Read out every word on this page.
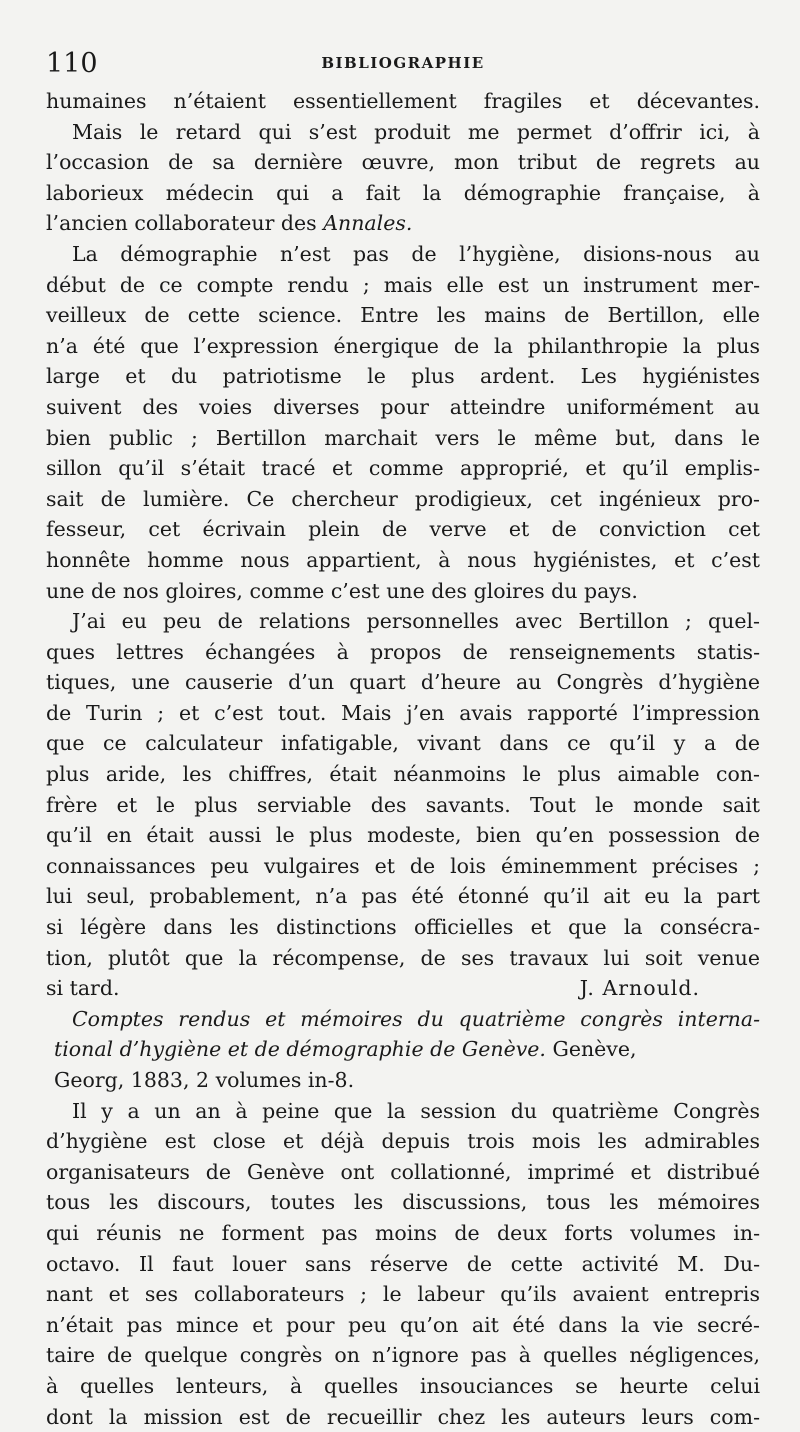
110	BIBLIOGRAPHIE
humaines n’étaient essentiellement fragiles et décevantes.
Mais le retard qui s’est produit me permet d’offrir ici, à
l’occasion de sa dernière œuvre, mon tribut de regrets au
laborieux médecin qui a fait la démographie française, à
l’ancien collaborateur des Annales.
La démographie n’est pas de l’hygiène, disions-nous au
début de ce compte rendu ; mais elle est un instrument mer-
veilleux de cette science. Entre les mains de Bertillon, elle
n’a été que l’expression énergique de la philanthropie la plus
large et du patriotisme le plus ardent. Les hygiénistes
suivent des voies diverses pour atteindre uniformément au
bien public ; Bertillon marchait vers le même but, dans le
sillon qu’il s’était tracé et comme approprié, et qu’il emplis-
sait de lumière. Ce chercheur prodigieux, cet ingénieux pro-
fesseur, cet écrivain plein de verve et de conviction cet
honnête homme nous appartient, à nous hygiénistes, et c’est
une de nos gloires, comme c’est une des gloires du pays.
J’ai eu peu de relations personnelles avec Bertillon ; quel-
ques lettres échangées à propos de renseignements statis-
tiques, une causerie d’un quart d’heure au Congrès d’hygiène
de Turin ; et c’est tout. Mais j’en avais rapporté l’impression
que ce calculateur infatigable, vivant dans ce qu’il y a de
plus aride, les chiffres, était néanmoins le plus aimable con-
frère et le plus serviable des savants. Tout le monde sait
qu’il en était aussi le plus modeste, bien qu’en possession de
connaissances peu vulgaires et de lois éminemment précises ;
lui seul, probablement, n’a pas été étonné qu’il ait eu la part
si légère dans les distinctions officielles et que la consécra-
tion, plutôt que la récompense, de ses travaux lui soit venue
si tard.	J. Arnould.
Comptes rendus et mémoires du quatrième congrès interna-
tional d’hygiène et de démographie de Genève. Genève,
Georg, 1883, 2 volumes in-8.
Il y a un an à peine que la session du quatrième Congrès
d’hygiène est close et déjà depuis trois mois les admirables
organisateurs de Genève ont collationné, imprimé et distribué
tous les discours, toutes les discussions, tous les mémoires
qui réunis ne forment pas moins de deux forts volumes in-
octavo. Il faut louer sans réserve de cette activité M. Du-
nant et ses collaborateurs ; le labeur qu’ils avaient entrepris
n’était pas mince et pour peu qu’on ait été dans la vie secré-
taire de quelque congrès on n’ignore pas à quelles négligences,
à quelles lenteurs, à quelles insouciances se heurte celui
dont la mission est de recueillir chez les auteurs leurs com-
